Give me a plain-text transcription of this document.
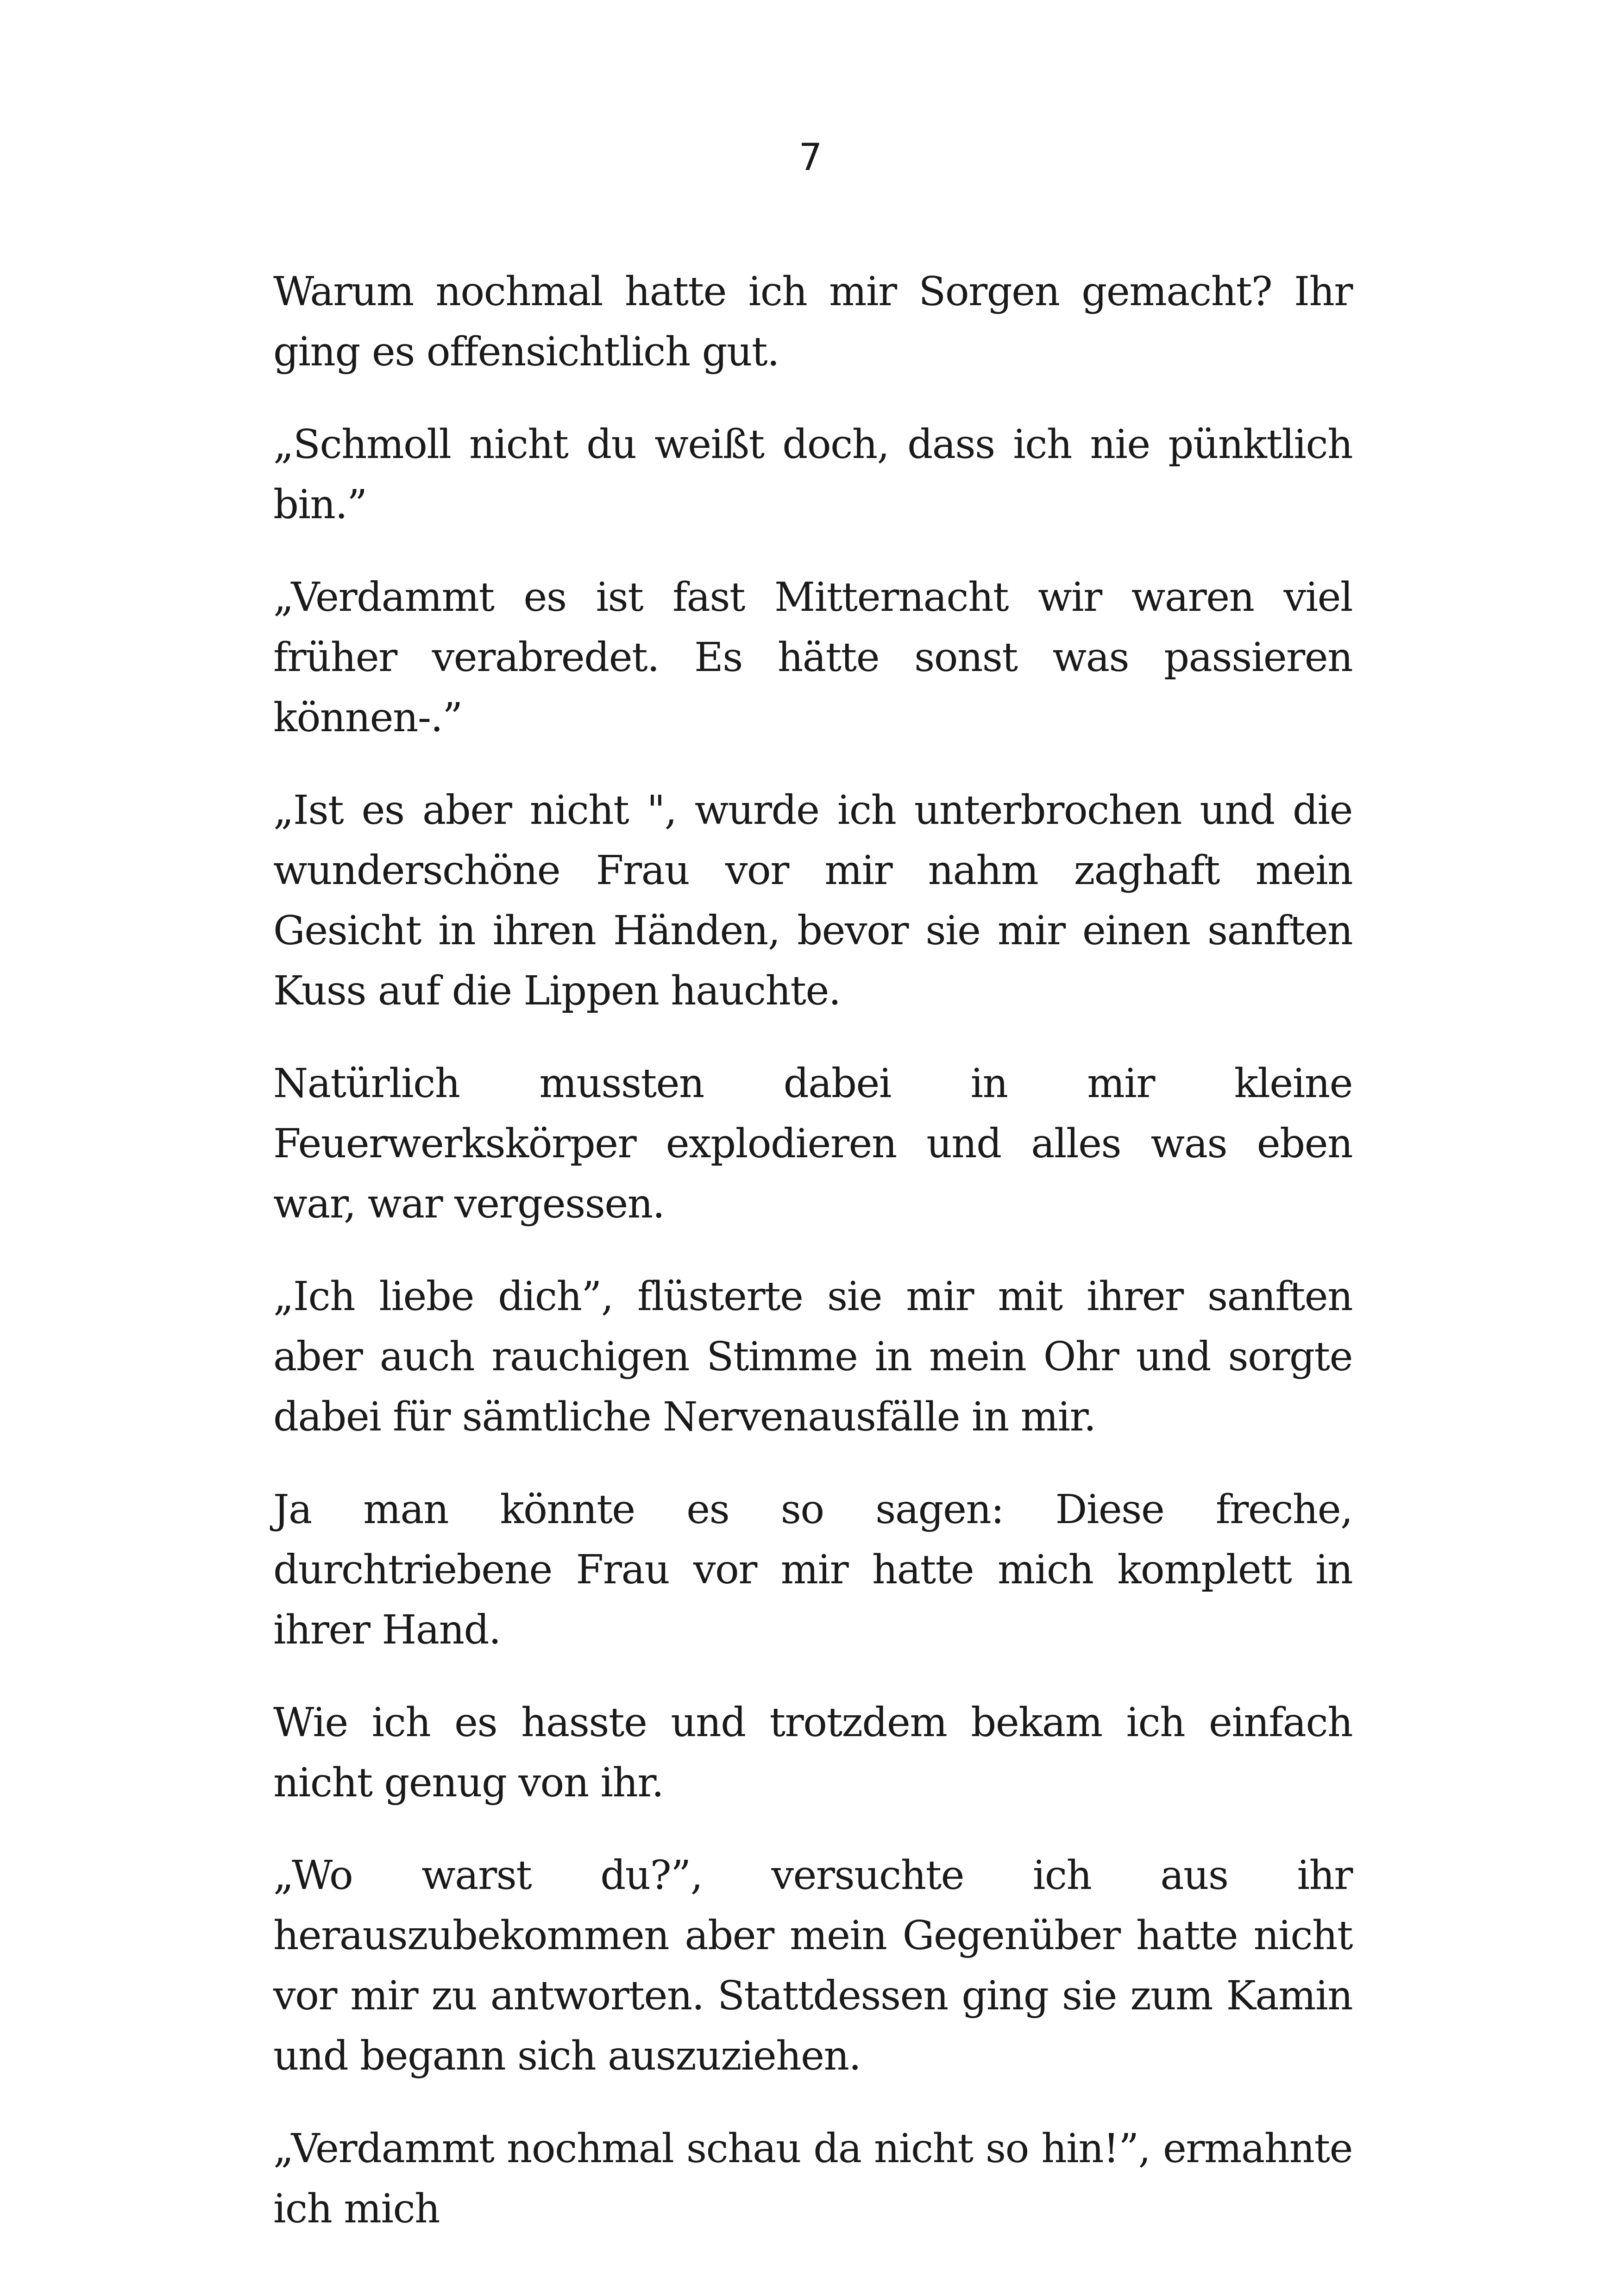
7

Warum nochmal hatte ich mir Sorgen gemacht? Ihr ging es offensichtlich gut.

„Schmoll nicht du weißt doch, dass ich nie pünktlich bin.”

„Verdammt es ist fast Mitternacht wir waren viel früher verabredet. Es hätte sonst was passieren können-.”

„Ist es aber nicht ", wurde ich unterbrochen und die wunderschöne Frau vor mir nahm zaghaft mein Gesicht in ihren Händen, bevor sie mir einen sanften Kuss auf die Lippen hauchte.

Natürlich mussten dabei in mir kleine Feuerwerkskörper explodieren und alles was eben war, war vergessen.

„Ich liebe dich”, flüsterte sie mir mit ihrer sanften aber auch rauchigen Stimme in mein Ohr und sorgte dabei für sämtliche Nervenausfälle in mir.

Ja man könnte es so sagen: Diese freche, durchtriebene Frau vor mir hatte mich komplett in ihrer Hand.

Wie ich es hasste und trotzdem bekam ich einfach nicht genug von ihr.

„Wo warst du?”, versuchte ich aus ihr herauszubekommen aber mein Gegenüber hatte nicht vor mir zu antworten. Stattdessen ging sie zum Kamin und begann sich auszuziehen.

„Verdammt nochmal schau da nicht so hin!”, ermahnte ich mich
